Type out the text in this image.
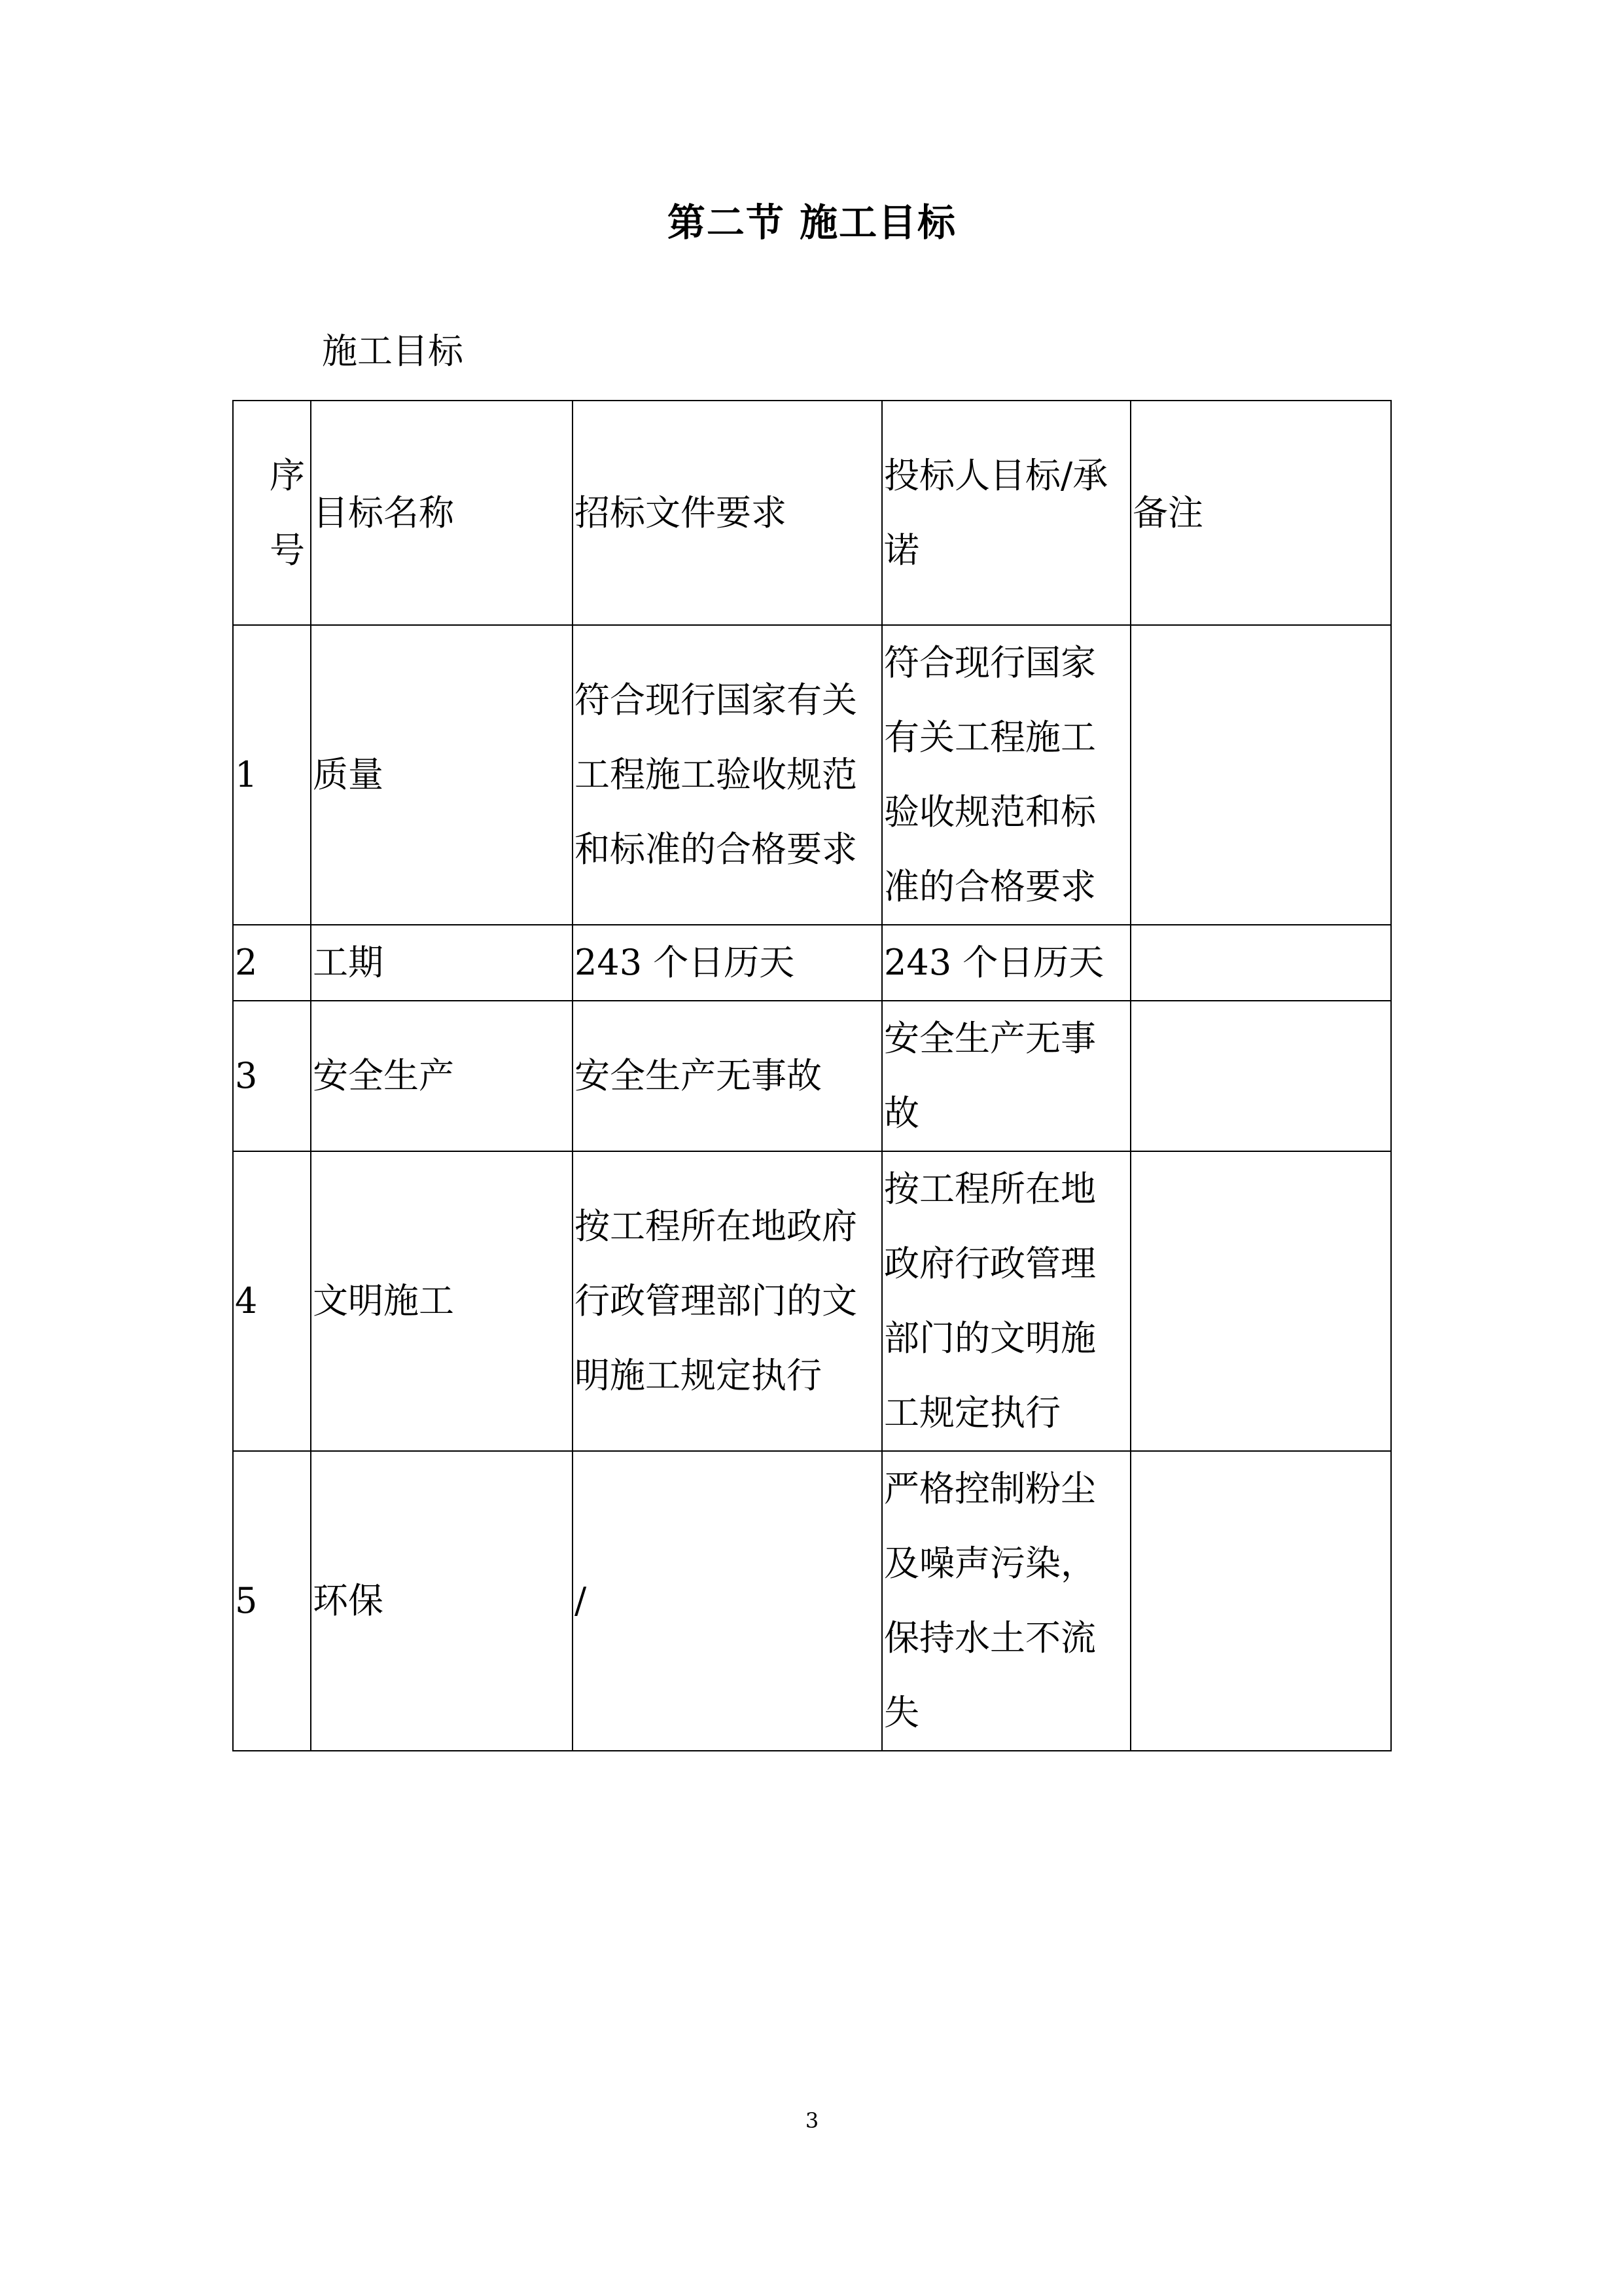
第二节 施工目标
施工目标
序号	目标名称	招标文件要求	投标人目标/承诺	备注

1	质量	符合现行国家有关工程施工验收规范和标准的合格要求	符合现行国家有关工程施工验收规范和标准的合格要求	
2	工期	243 个日历天	243 个日历天	
3	安全生产	安全生产无事故	安全生产无事故	
4	文明施工	按工程所在地政府行政管理部门的文明施工规定执行	按工程所在地政府行政管理部门的文明施工规定执行	
5	环保	/	严格控制粉尘及噪声污染，保持水土不流失	
3
